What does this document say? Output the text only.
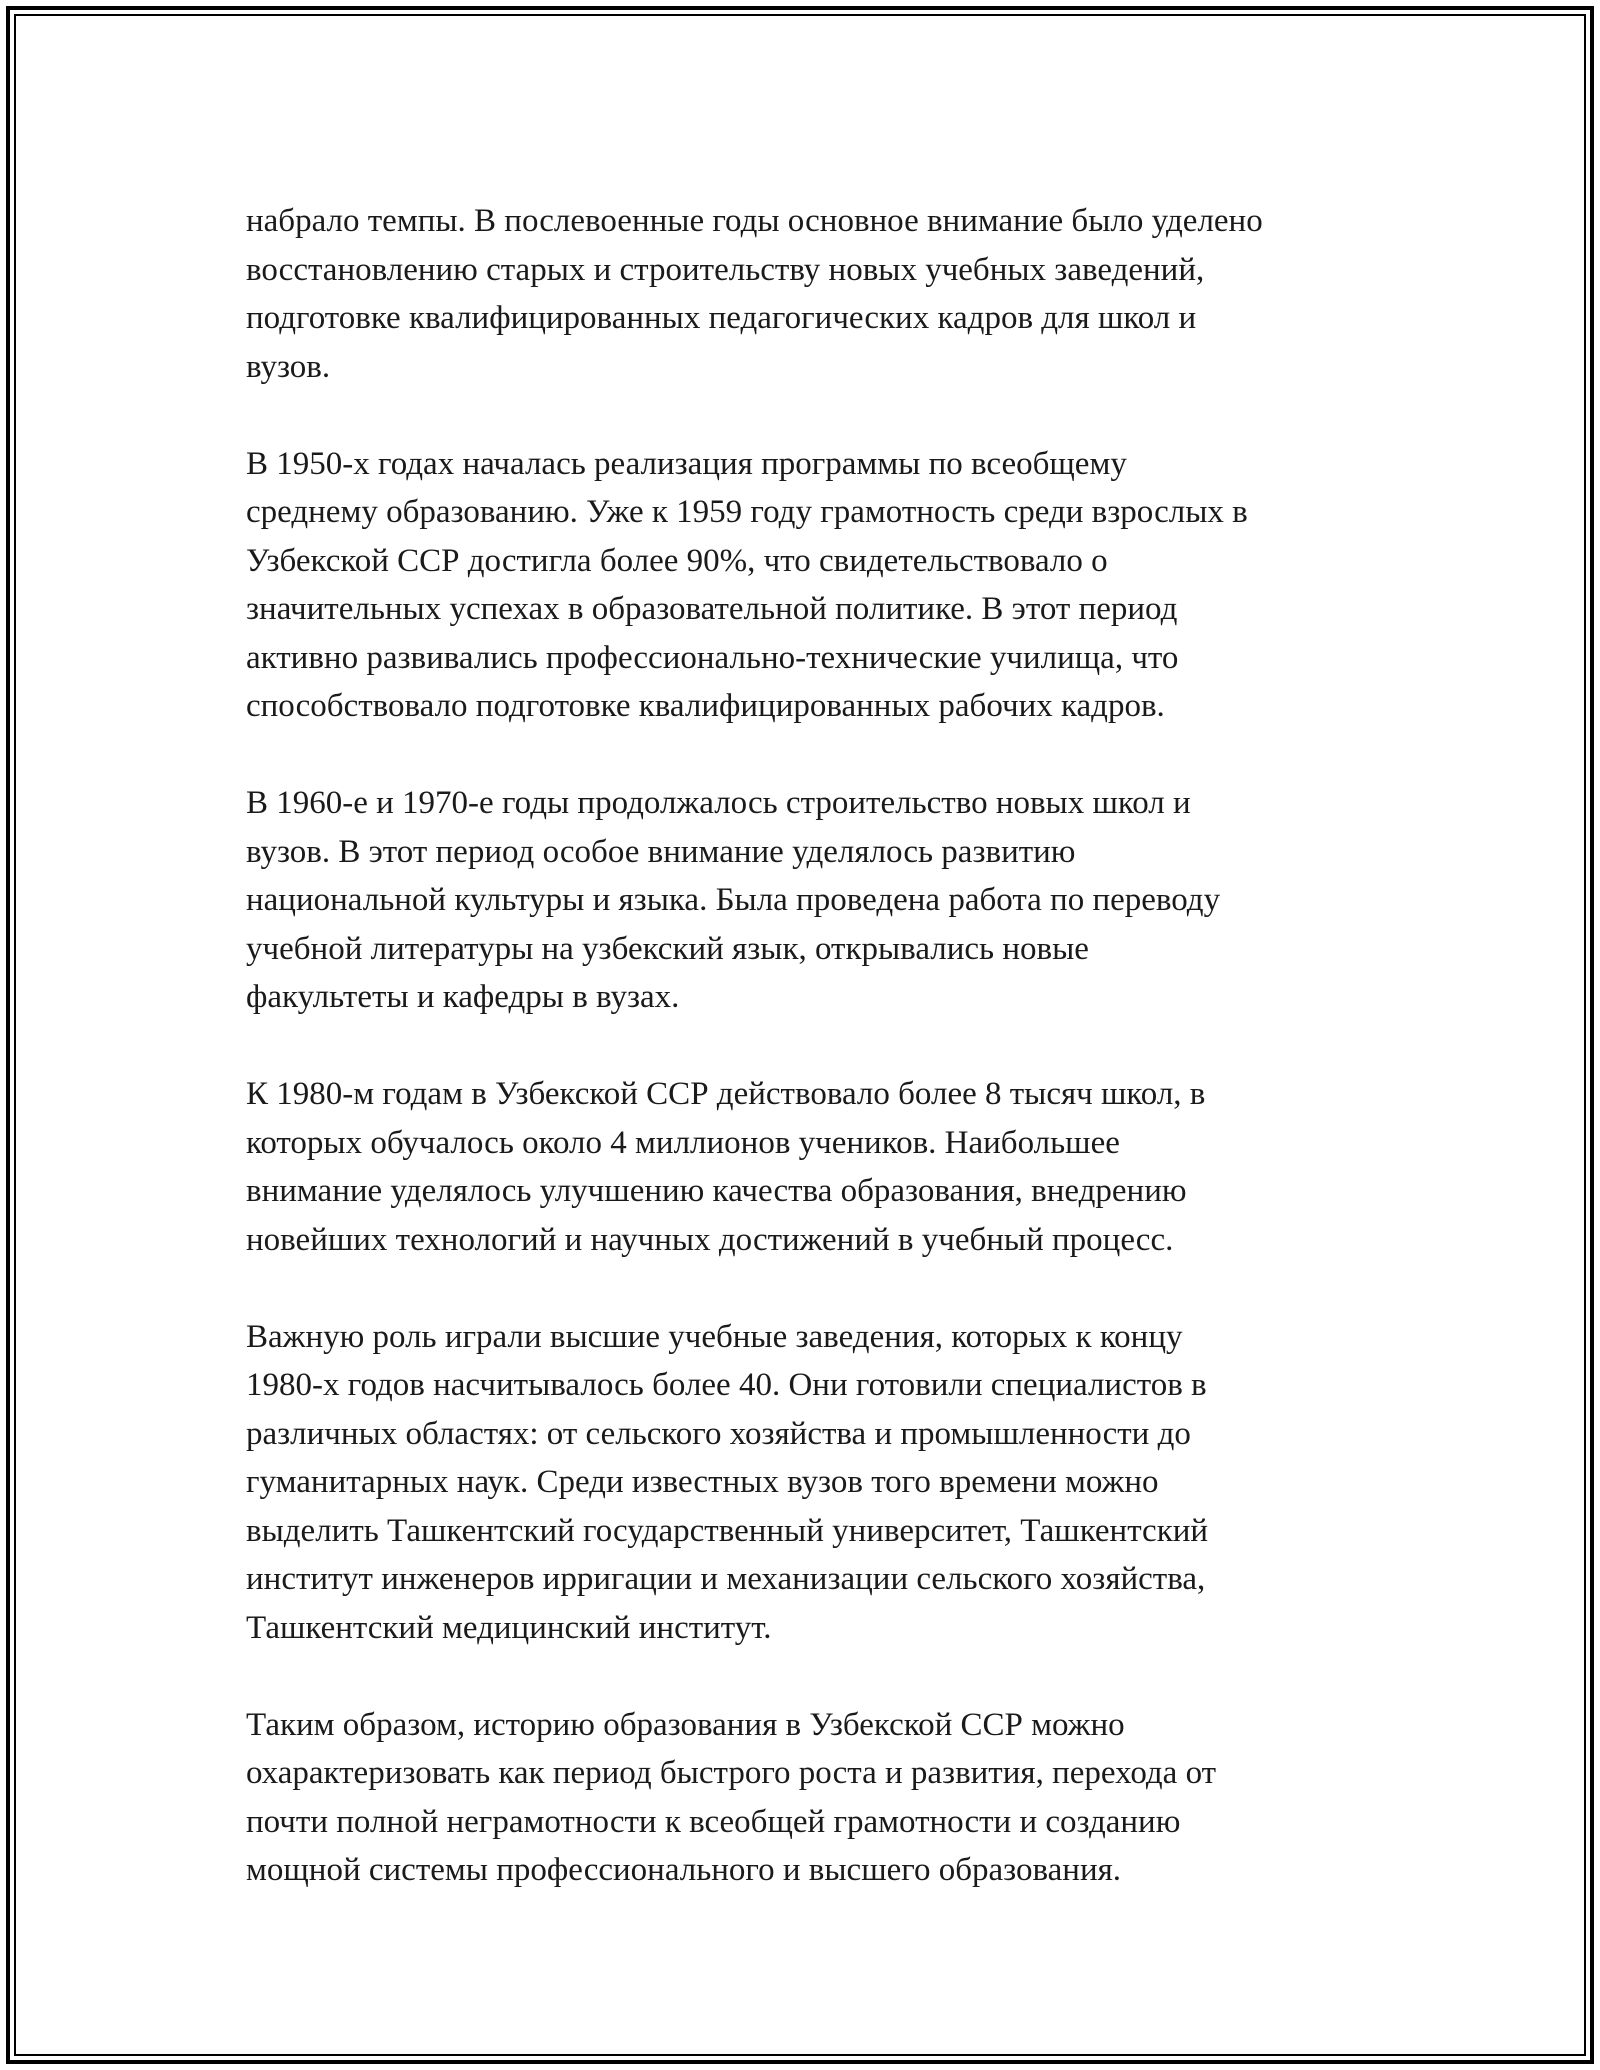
набрало темпы. В послевоенные годы основное внимание было уделено
восстановлению старых и строительству новых учебных заведений,
подготовке квалифицированных педагогических кадров для школ и
вузов.

В 1950-х годах началась реализация программы по всеобщему
среднему образованию. Уже к 1959 году грамотность среди взрослых в
Узбекской ССР достигла более 90%, что свидетельствовало о
значительных успехах в образовательной политике. В этот период
активно развивались профессионально-технические училища, что
способствовало подготовке квалифицированных рабочих кадров.

В 1960-е и 1970-е годы продолжалось строительство новых школ и
вузов. В этот период особое внимание уделялось развитию
национальной культуры и языка. Была проведена работа по переводу
учебной литературы на узбекский язык, открывались новые
факультеты и кафедры в вузах.

К 1980-м годам в Узбекской ССР действовало более 8 тысяч школ, в
которых обучалось около 4 миллионов учеников. Наибольшее
внимание уделялось улучшению качества образования, внедрению
новейших технологий и научных достижений в учебный процесс.

Важную роль играли высшие учебные заведения, которых к концу
1980-х годов насчитывалось более 40. Они готовили специалистов в
различных областях: от сельского хозяйства и промышленности до
гуманитарных наук. Среди известных вузов того времени можно
выделить Ташкентский государственный университет, Ташкентский
институт инженеров ирригации и механизации сельского хозяйства,
Ташкентский медицинский институт.

Таким образом, историю образования в Узбекской ССР можно
охарактеризовать как период быстрого роста и развития, перехода от
почти полной неграмотности к всеобщей грамотности и созданию
мощной системы профессионального и высшего образования.
